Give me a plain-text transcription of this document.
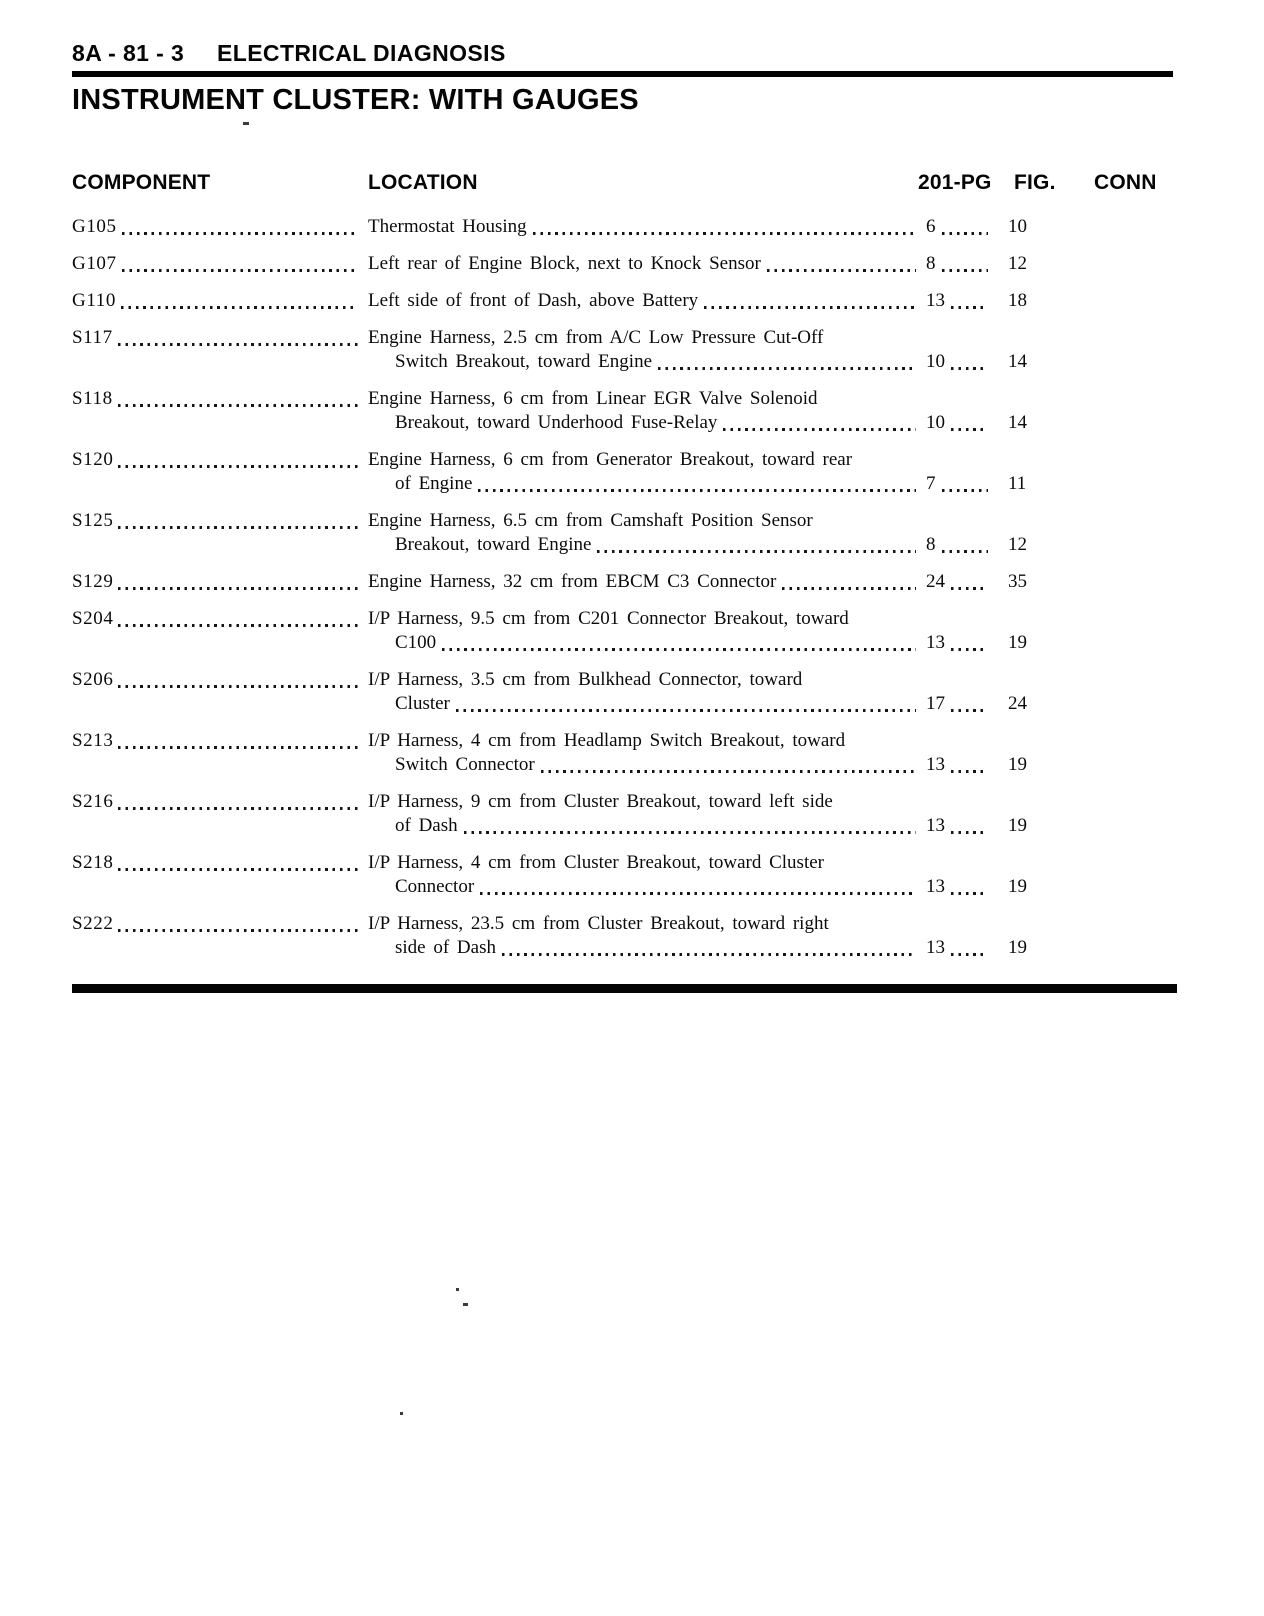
8A - 81 - 3 ELECTRICAL DIAGNOSIS
INSTRUMENT CLUSTER: WITH GAUGES
COMPONENT	LOCATION	201-PG	FIG.	CONN
G105	Thermostat Housing	6	10
G107	Left rear of Engine Block, next to Knock Sensor	8	12
G110	Left side of front of Dash, above Battery	13	18
S117	Engine Harness, 2.5 cm from A/C Low Pressure Cut-Off
Switch Breakout, toward Engine	10	14
S118	Engine Harness, 6 cm from Linear EGR Valve Solenoid
Breakout, toward Underhood Fuse-Relay	10	14
S120	Engine Harness, 6 cm from Generator Breakout, toward rear
of Engine	7	11
S125	Engine Harness, 6.5 cm from Camshaft Position Sensor
Breakout, toward Engine	8	12
S129	Engine Harness, 32 cm from EBCM C3 Connector	24	35
S204	I/P Harness, 9.5 cm from C201 Connector Breakout, toward
C100	13	19
S206	I/P Harness, 3.5 cm from Bulkhead Connector, toward
Cluster	17	24
S213	I/P Harness, 4 cm from Headlamp Switch Breakout, toward
Switch Connector	13	19
S216	I/P Harness, 9 cm from Cluster Breakout, toward left side
of Dash	13	19
S218	I/P Harness, 4 cm from Cluster Breakout, toward Cluster
Connector	13	19
S222	I/P Harness, 23.5 cm from Cluster Breakout, toward right
side of Dash	13	19
